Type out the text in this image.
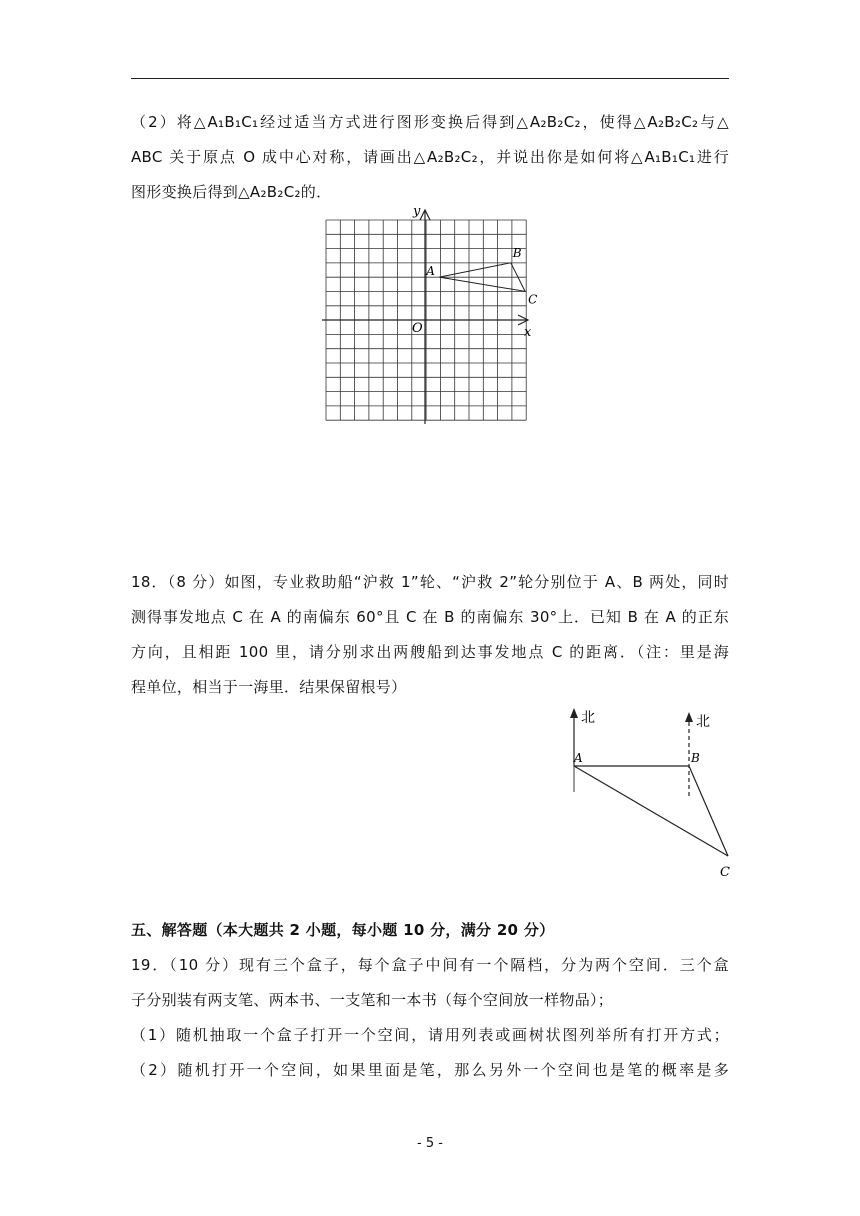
（2）将△A₁B₁C₁经过适当方式进行图形变换后得到△A₂B₂C₂，使得△A₂B₂C₂与△
ABC 关于原点 O 成中心对称，请画出△A₂B₂C₂，并说出你是如何将△A₁B₁C₁进行
图形变换后得到△A₂B₂C₂的．
y
x
O
A
B
C
18．（8 分）如图，专业救助船“沪救 1”轮、“沪救 2”轮分别位于 A、B 两处，同时
测得事发地点 C 在 A 的南偏东 60°且 C 在 B 的南偏东 30°上．已知 B 在 A 的正东
方向，且相距 100 里，请分别求出两艘船到达事发地点 C 的距离．（注：里是海
程单位，相当于一海里．结果保留根号）
北	北
A	B
C
五、解答题（本大题共 2 小题，每小题 10 分，满分 20 分）
19．（10 分）现有三个盒子，每个盒子中间有一个隔档，分为两个空间．三个盒
子分别装有两支笔、两本书、一支笔和一本书（每个空间放一样物品）；
（1）随机抽取一个盒子打开一个空间，请用列表或画树状图列举所有打开方式；
（2）随机打开一个空间，如果里面是笔，那么另外一个空间也是笔的概率是多
- 5 -
